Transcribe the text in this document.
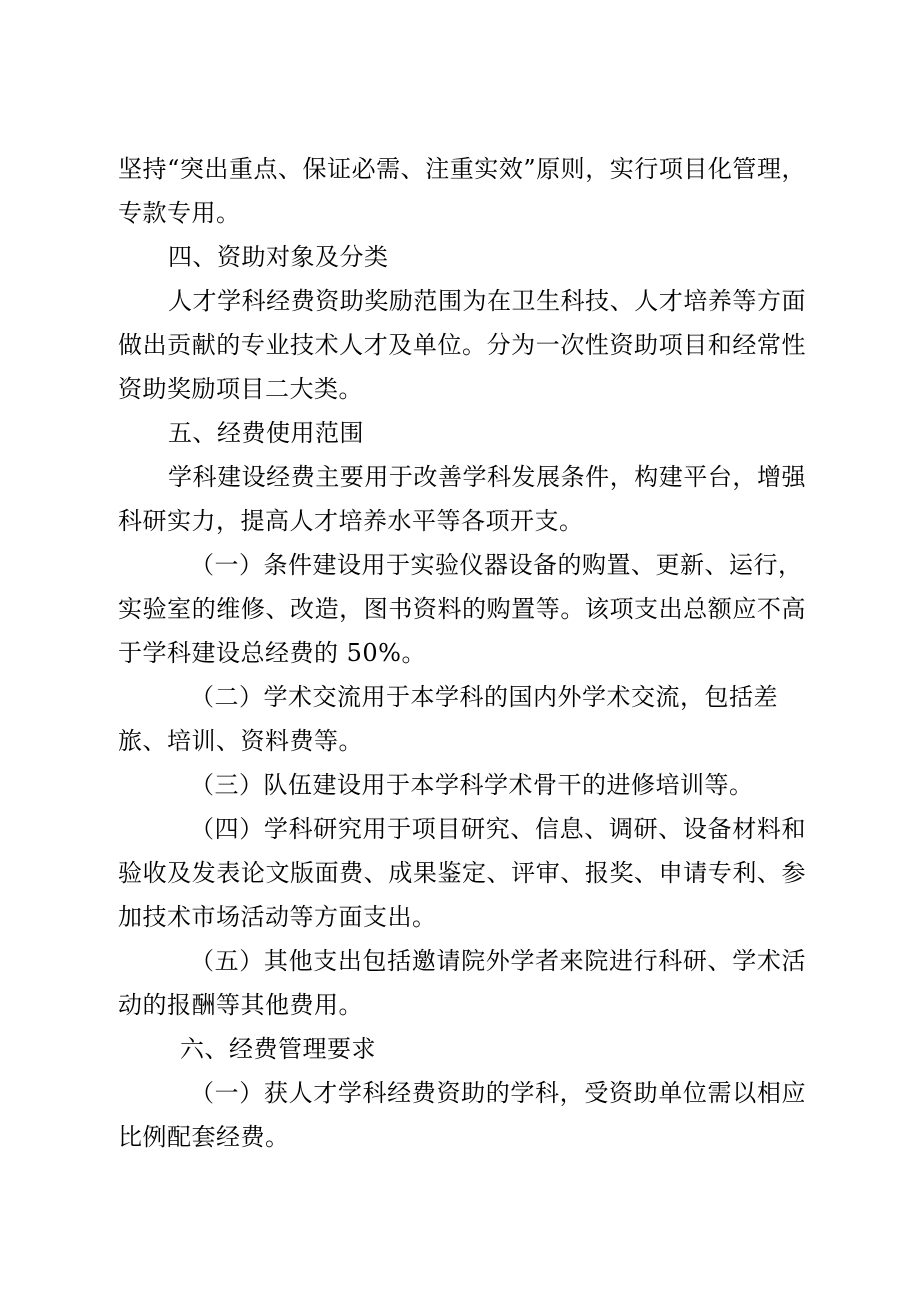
坚持“突出重点、保证必需、注重实效”原则，实行项目化管理，
专款专用。
四、资助对象及分类
人才学科经费资助奖励范围为在卫生科技、人才培养等方面
做出贡献的专业技术人才及单位。分为一次性资助项目和经常性
资助奖励项目二大类。
五、经费使用范围
学科建设经费主要用于改善学科发展条件，构建平台，增强
科研实力，提高人才培养水平等各项开支。
（一）条件建设用于实验仪器设备的购置、更新、运行，
实验室的维修、改造，图书资料的购置等。该项支出总额应不高
于学科建设总经费的 50%。
（二）学术交流用于本学科的国内外学术交流，包括差
旅、培训、资料费等。
（三）队伍建设用于本学科学术骨干的进修培训等。
（四）学科研究用于项目研究、信息、调研、设备材料和
验收及发表论文版面费、成果鉴定、评审、报奖、申请专利、参
加技术市场活动等方面支出。
（五）其他支出包括邀请院外学者来院进行科研、学术活
动的报酬等其他费用。
六、经费管理要求
（一）获人才学科经费资助的学科，受资助单位需以相应
比例配套经费。
